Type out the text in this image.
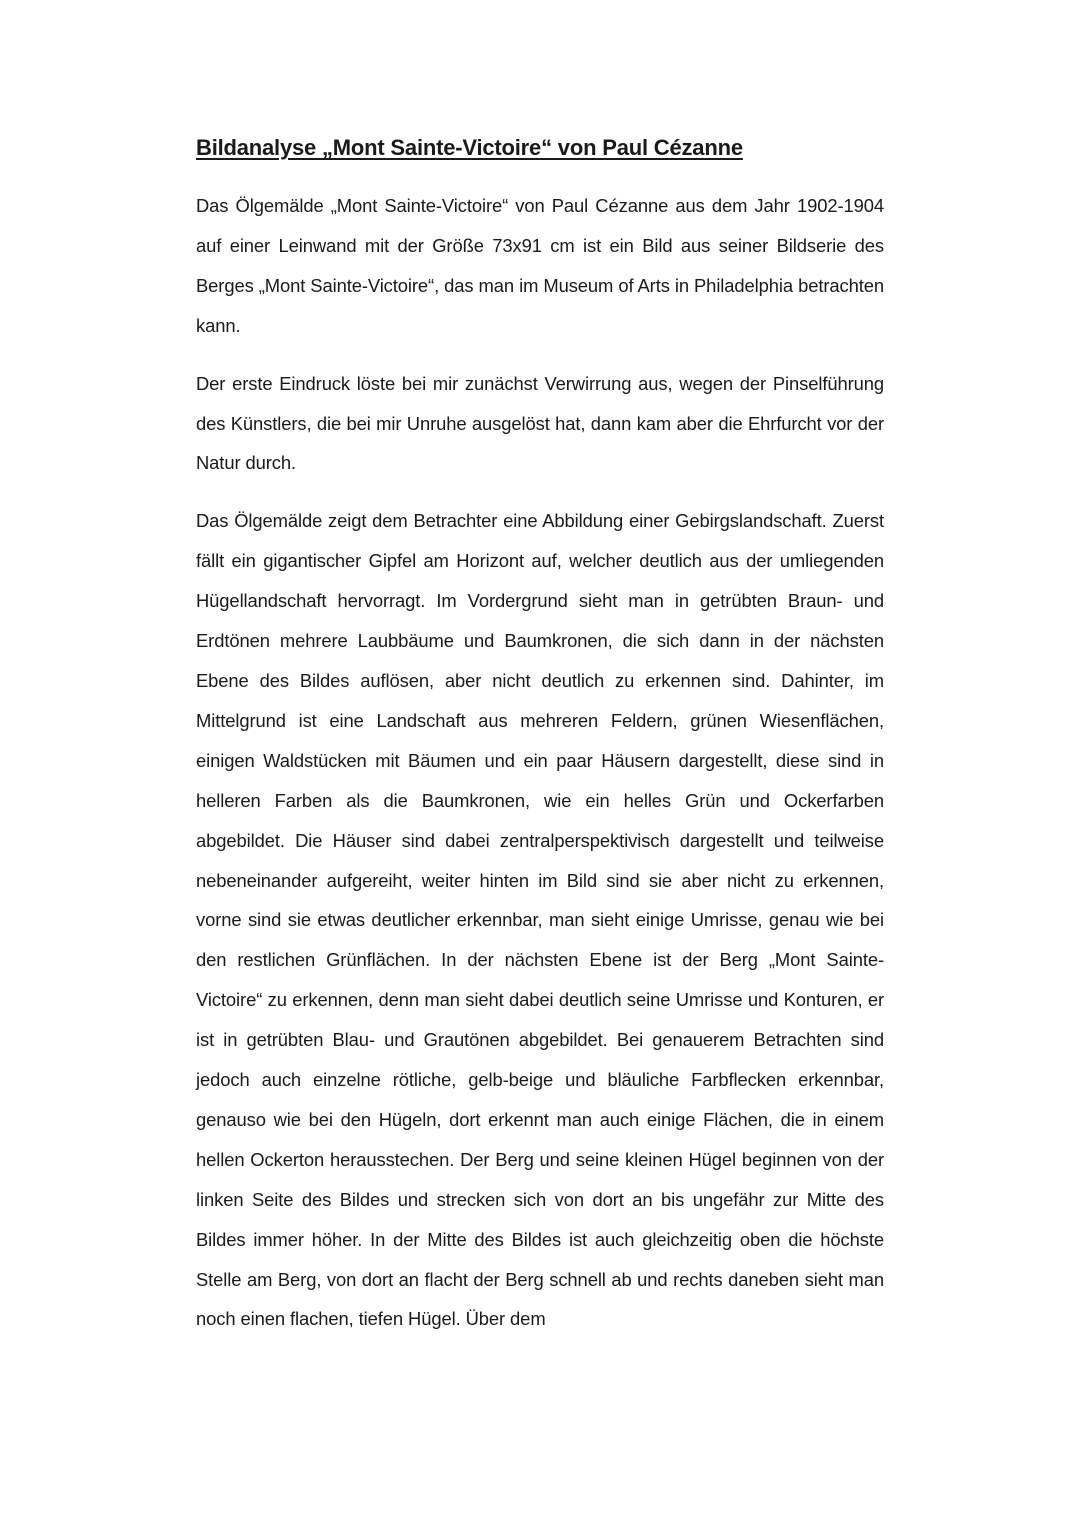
Bildanalyse „Mont Sainte-Victoire“ von Paul Cézanne

Das Ölgemälde „Mont Sainte-Victoire“ von Paul Cézanne aus dem Jahr 1902-1904 auf einer Leinwand mit der Größe 73x91 cm ist ein Bild aus seiner Bildserie des Berges „Mont Sainte-Victoire“, das man im Museum of Arts in Philadelphia betrachten kann.

Der erste Eindruck löste bei mir zunächst Verwirrung aus, wegen der Pinselführung des Künstlers, die bei mir Unruhe ausgelöst hat, dann kam aber die Ehrfurcht vor der Natur durch.

Das Ölgemälde zeigt dem Betrachter eine Abbildung einer Gebirgslandschaft. Zuerst fällt ein gigantischer Gipfel am Horizont auf, welcher deutlich aus der umliegenden Hügellandschaft hervorragt. Im Vordergrund sieht man in getrübten Braun- und Erdtönen mehrere Laubbäume und Baumkronen, die sich dann in der nächsten Ebene des Bildes auflösen, aber nicht deutlich zu erkennen sind. Dahinter, im Mittelgrund ist eine Landschaft aus mehreren Feldern, grünen Wiesenflächen, einigen Waldstücken mit Bäumen und ein paar Häusern dargestellt, diese sind in helleren Farben als die Baumkronen, wie ein helles Grün und Ockerfarben abgebildet. Die Häuser sind dabei zentralperspektivisch dargestellt und teilweise nebeneinander aufgereiht, weiter hinten im Bild sind sie aber nicht zu erkennen, vorne sind sie etwas deutlicher erkennbar, man sieht einige Umrisse, genau wie bei den restlichen Grünflächen. In der nächsten Ebene ist der Berg „Mont Sainte-Victoire“ zu erkennen, denn man sieht dabei deutlich seine Umrisse und Konturen, er ist in getrübten Blau- und Grautönen abgebildet. Bei genauerem Betrachten sind jedoch auch einzelne rötliche, gelb-beige und bläuliche Farbflecken erkennbar, genauso wie bei den Hügeln, dort erkennt man auch einige Flächen, die in einem hellen Ockerton herausstechen. Der Berg und seine kleinen Hügel beginnen von der linken Seite des Bildes und strecken sich von dort an bis ungefähr zur Mitte des Bildes immer höher. In der Mitte des Bildes ist auch gleichzeitig oben die höchste Stelle am Berg, von dort an flacht der Berg schnell ab und rechts daneben sieht man noch einen flachen, tiefen Hügel. Über dem
